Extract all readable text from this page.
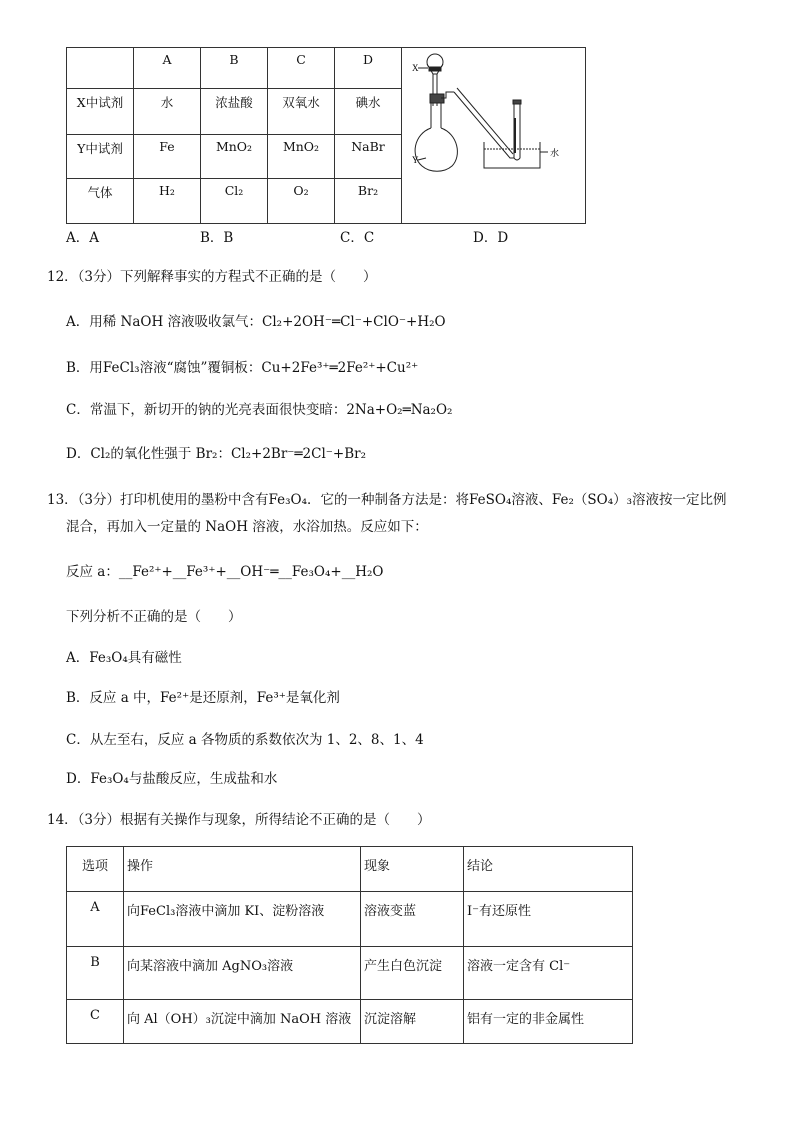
	A	B	C	D	X
Y
水

X中试剂	水	浓盐酸	双氧水	碘水	
Y中试剂	Fe	MnO₂	MnO₂	NaBr	
气体	H₂	Cl₂	O₂	Br₂	
A．A	B．B	C．C	D．D
12．（3分）下列解释事实的方程式不正确的是（　　）
A．用稀 NaOH 溶液吸收氯气：Cl₂+2OH⁻═Cl⁻+ClO⁻+H₂O
B．用FeCl₃溶液“腐蚀”覆铜板：Cu+2Fe³⁺═2Fe²⁺+Cu²⁺
C．常温下，新切开的钠的光亮表面很快变暗：2Na+O₂═Na₂O₂
D．Cl₂的氧化性强于 Br₂：Cl₂+2Br⁻═2Cl⁻+Br₂
13．（3分）打印机使用的墨粉中含有Fe₃O₄．它的一种制备方法是：将FeSO₄溶液、Fe₂（SO₄）₃溶液按一定比例
混合，再加入一定量的 NaOH 溶液，水浴加热。反应如下：
反应 a：__Fe²⁺+__Fe³⁺+__OH⁻═__Fe₃O₄+__H₂O
下列分析不正确的是（　　）
A．Fe₃O₄具有磁性
B．反应 a 中，Fe²⁺是还原剂，Fe³⁺是氧化剂
C．从左至右，反应 a 各物质的系数依次为 1、2、8、1、4
D．Fe₃O₄与盐酸反应，生成盐和水
14．（3分）根据有关操作与现象，所得结论不正确的是（　　）
选项	操作	现象	结论
A	向FeCl₃溶液中滴加 KI、淀粉溶液	溶液变蓝	I⁻有还原性
B	向某溶液中滴加 AgNO₃溶液	产生白色沉淀	溶液一定含有 Cl⁻
C	向 Al（OH）₃沉淀中滴加 NaOH 溶液	沉淀溶解	铝有一定的非金属性
